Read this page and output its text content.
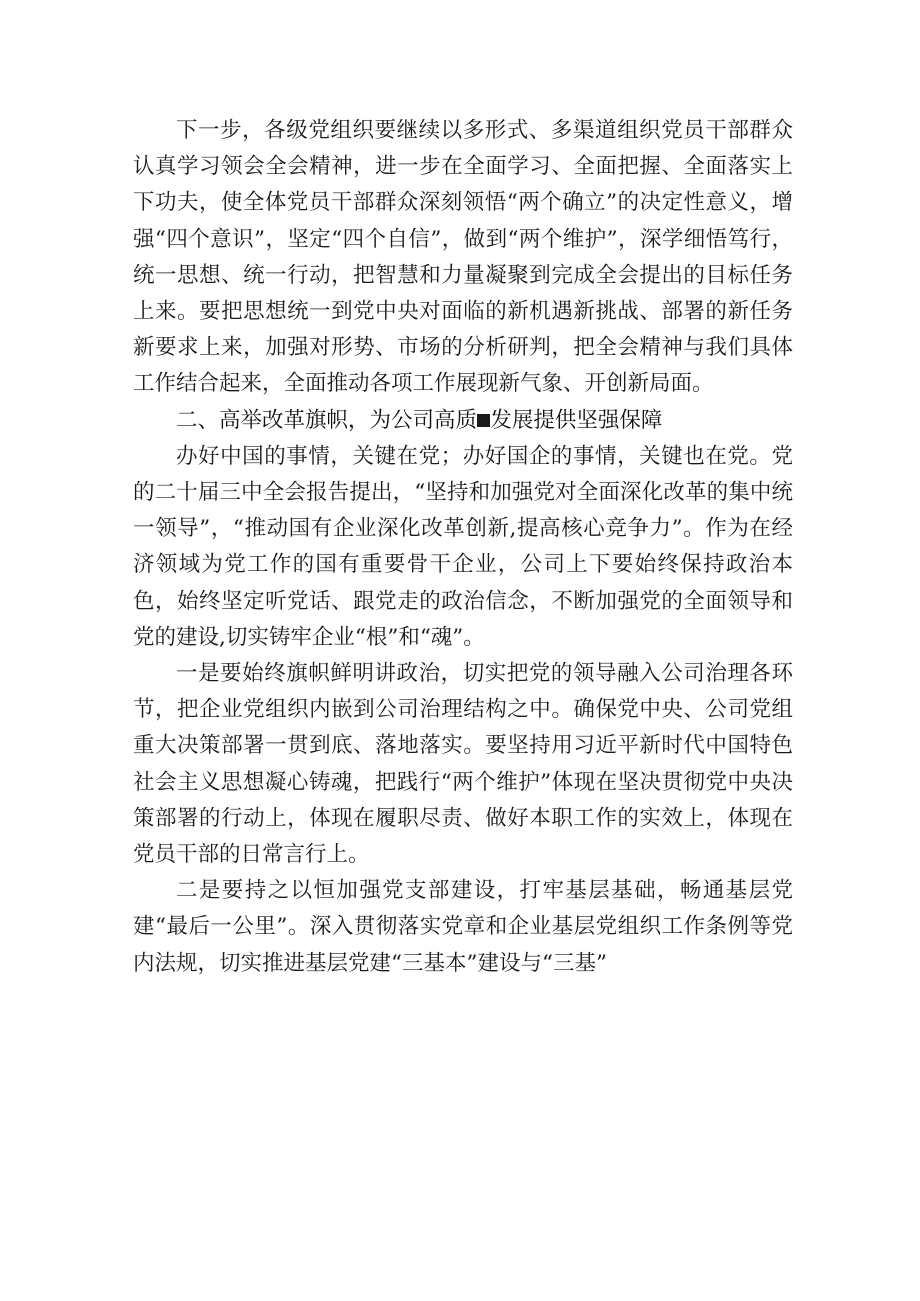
下一步，各级党组织要继续以多形式、多渠道组织党员干部群众认真学习领会全会精神，进一步在全面学习、全面把握、全面落实上下功夫，使全体党员干部群众深刻领悟“两个确立”的决定性意义，增强“四个意识”，坚定“四个自信”，做到“两个维护”，深学细悟笃行，统一思想、统一行动，把智慧和力量凝聚到完成全会提出的目标任务上来。要把思想统一到党中央对面临的新机遇新挑战、部署的新任务新要求上来，加强对形势、市场的分析研判，把全会精神与我们具体工作结合起来，全面推动各项工作展现新气象、开创新局面。

二、高举改革旗帜，为公司高质 发展提供坚强保障

办好中国的事情，关键在党；办好国企的事情，关键也在党。党的二十届三中全会报告提出，“坚持和加强党对全面深化改革的集中统一领导”，“推动国有企业深化改革创新,提高核心竞争力”。作为在经济领域为党工作的国有重要骨干企业，公司上下要始终保持政治本色，始终坚定听党话、跟党走的政治信念，不断加强党的全面领导和党的建设,切实铸牢企业“根”和“魂”。

一是要始终旗帜鲜明讲政治，切实把党的领导融入公司治理各环节，把企业党组织内嵌到公司治理结构之中。确保党中央、公司党组重大决策部署一贯到底、落地落实。要坚持用习近平新时代中国特色社会主义思想凝心铸魂，把践行“两个维护”体现在坚决贯彻党中央决策部署的行动上，体现在履职尽责、做好本职工作的实效上，体现在党员干部的日常言行上。

二是要持之以恒加强党支部建设，打牢基层基础，畅通基层党建“最后一公里”。深入贯彻落实党章和企业基层党组织工作条例等党内法规，切实推进基层党建“三基本”建设与“三基”
